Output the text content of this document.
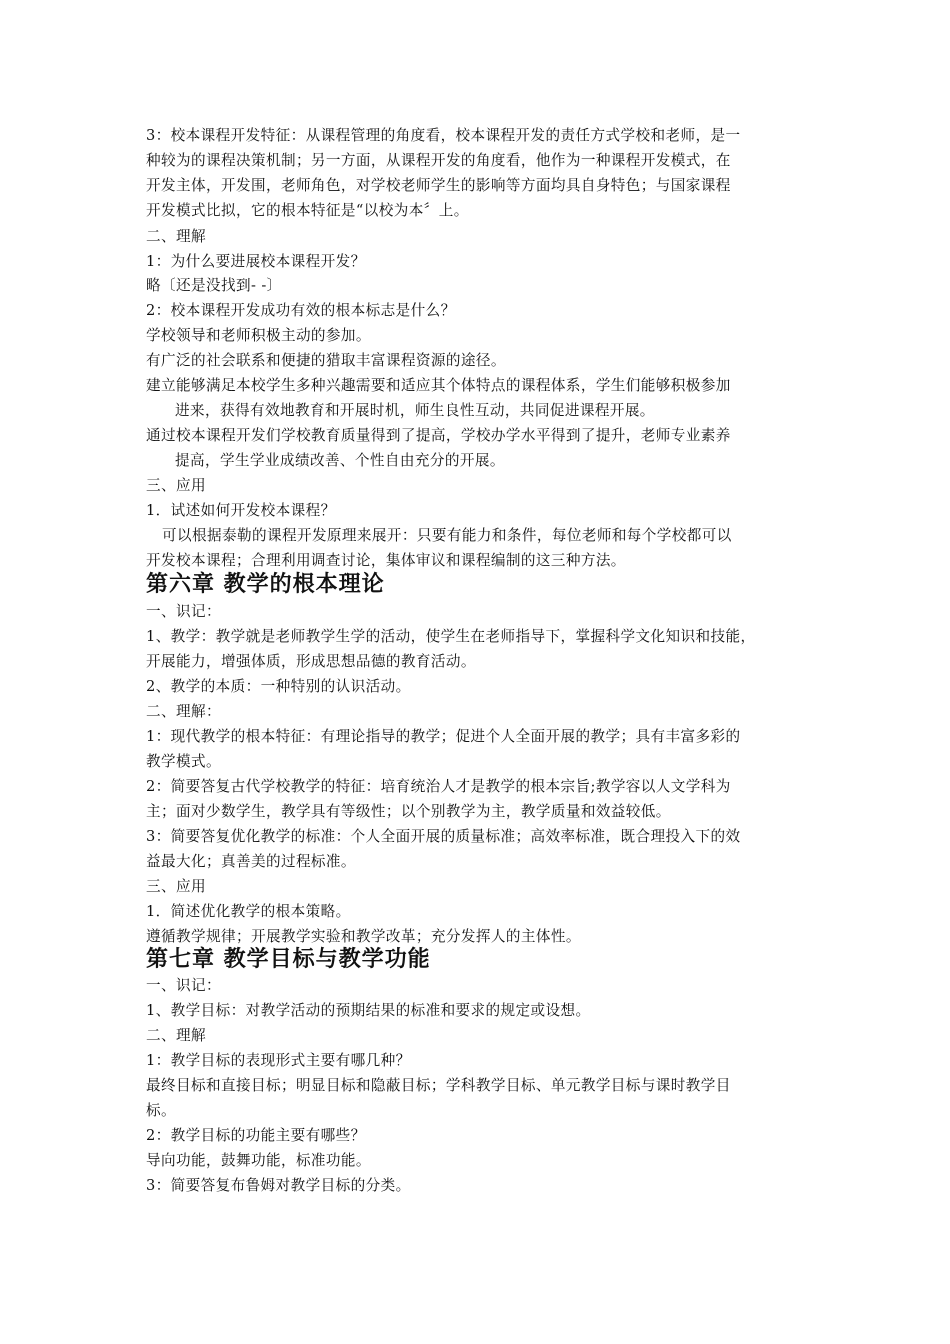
3：校本课程开发特征：从课程管理的角度看，校本课程开发的责任方式学校和老师，是一
种较为的课程决策机制；另一方面，从课程开发的角度看，他作为一种课程开发模式，在
开发主体，开发围，老师角色，对学校老师学生的影响等方面均具自身特色；与国家课程
开发模式比拟，它的根本特征是“以校为本〞上。
二、理解
1：为什么要进展校本课程开发？
略〔还是没找到- -〕
2：校本课程开发成功有效的根本标志是什么？
学校领导和老师积极主动的参加。
有广泛的社会联系和便捷的猎取丰富课程资源的途径。
建立能够满足本校学生多种兴趣需要和适应其个体特点的课程体系，学生们能够积极参加
进来，获得有效地教育和开展时机，师生良性互动，共同促进课程开展。
通过校本课程开发们学校教育质量得到了提高，学校办学水平得到了提升，老师专业素养
提高，学生学业成绩改善、个性自由充分的开展。
三、应用
1．试述如何开发校本课程？
可以根据泰勒的课程开发原理来展开：只要有能力和条件，每位老师和每个学校都可以
开发校本课程；合理利用调查讨论，集体审议和课程编制的这三种方法。
第六章 教学的根本理论
一、识记：
1、教学：教学就是老师教学生学的活动，使学生在老师指导下，掌握科学文化知识和技能，
开展能力，增强体质，形成思想品德的教育活动。
2、教学的本质：一种特别的认识活动。
二、理解：
1：现代教学的根本特征：有理论指导的教学；促进个人全面开展的教学；具有丰富多彩的
教学模式。
2：简要答复古代学校教学的特征：培育统治人才是教学的根本宗旨;教学容以人文学科为
主；面对少数学生，教学具有等级性；以个别教学为主，教学质量和效益较低。
3：简要答复优化教学的标准：个人全面开展的质量标准；高效率标准，既合理投入下的效
益最大化；真善美的过程标准。
三、应用
1．简述优化教学的根本策略。
遵循教学规律；开展教学实验和教学改革；充分发挥人的主体性。
第七章 教学目标与教学功能
一、识记：
1、教学目标：对教学活动的预期结果的标准和要求的规定或设想。
二、理解
1：教学目标的表现形式主要有哪几种？
最终目标和直接目标；明显目标和隐蔽目标；学科教学目标、单元教学目标与课时教学目
标。
2：教学目标的功能主要有哪些？
导向功能，鼓舞功能，标准功能。
3：简要答复布鲁姆对教学目标的分类。
